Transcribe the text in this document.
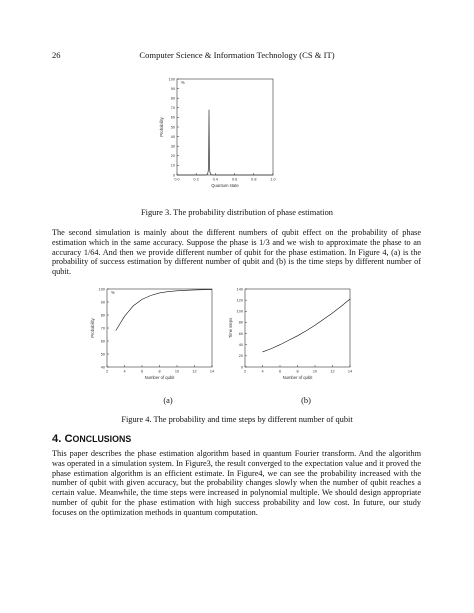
26	Computer Science & Information Technology (CS & IT)
0.0	0.2	0.4	0.6	0.8	1.0
0
10
20
30
40
50
60
70
80
90
100
Quantum state
Probability
%
Figure 3. The probability distribution of phase estimation

The second simulation is mainly about the different numbers of qubit effect on the probability of phase estimation which in the same accuracy. Suppose the phase is 1/3 and we wish to approximate the phase to an accuracy 1/64. And then we provide different number of qubit for the phase estimation. In Figure 4, (a) is the probability of success estimation by different number of qubit and (b) is the time steps by different number of qubit.

2	4	6	8	10	12	14
40
50
60
70
80
90
100
Number of qubit
Probability
%
2	4	6	8	10	12	14
0
20
40
60
80
100
120
140
Number of qubit
Time steps
(a)	(b)
Figure 4. The probability and time steps by different number of qubit
4. CONCLUSIONS

This paper describes the phase estimation algorithm based in quantum Fourier transform. And the algorithm was operated in a simulation system. In Figure3, the result converged to the expectation value and it proved the phase estimation algorithm is an efficient estimate. In Figure4, we can see the probability increased with the number of qubit with given accuracy, but the probability changes slowly when the number of qubit reaches a certain value. Meanwhile, the time steps were increased in polynomial multiple. We should design appropriate number of qubit for the phase estimation with high success probability and low cost. In future, our study focuses on the optimization methods in quantum computation.
